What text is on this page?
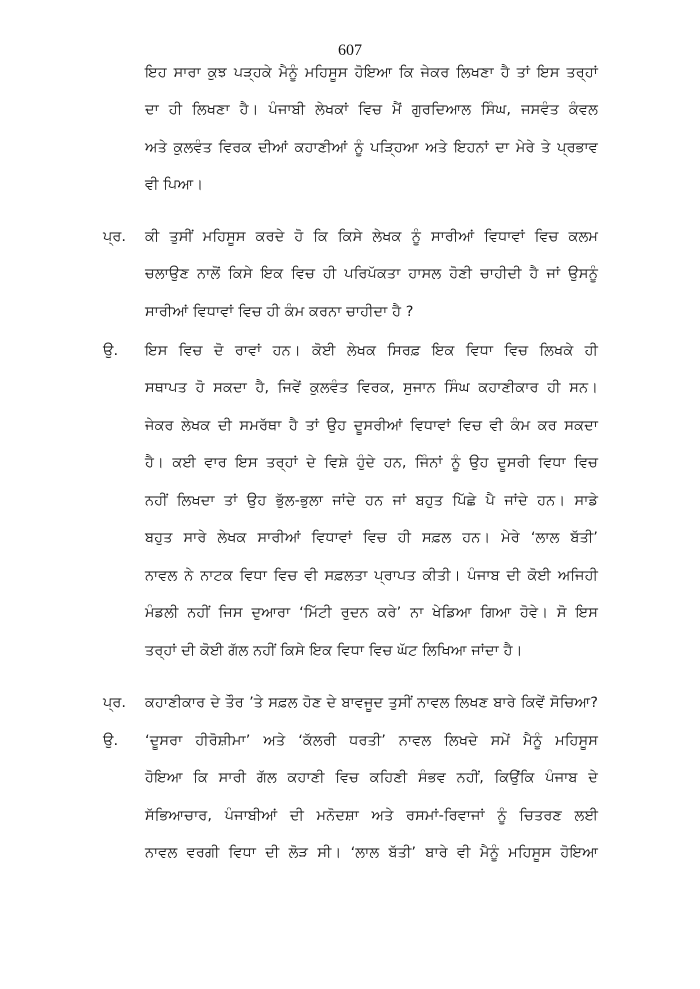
607
ਇਹ ਸਾਰਾ ਕੁਝ ਪੜ੍ਹਕੇ ਮੈਨੂੰ ਮਹਿਸੂਸ ਹੋਇਆ ਕਿ ਜੇਕਰ ਲਿਖਣਾ ਹੈ ਤਾਂ ਇਸ ਤਰ੍ਹਾਂ
ਦਾ ਹੀ ਲਿਖਣਾ ਹੈ। ਪੰਜਾਬੀ ਲੇਖਕਾਂ ਵਿਚ ਮੈਂ ਗੁਰਦਿਆਲ ਸਿੰਘ, ਜਸਵੰਤ ਕੰਵਲ
ਅਤੇ ਕੁਲਵੰਤ ਵਿਰਕ ਦੀਆਂ ਕਹਾਣੀਆਂ ਨੂੰ ਪੜ੍ਹਿਆ ਅਤੇ ਇਹਨਾਂ ਦਾ ਮੇਰੇ ਤੇ ਪ੍ਰਭਾਵ
ਵੀ ਪਿਆ।
ਪ੍ਰ. ਕੀ ਤੁਸੀਂ ਮਹਿਸੂਸ ਕਰਦੇ ਹੋ ਕਿ ਕਿਸੇ ਲੇਖਕ ਨੂੰ ਸਾਰੀਆਂ ਵਿਧਾਵਾਂ ਵਿਚ ਕਲਮ
ਚਲਾਉਣ ਨਾਲੋਂ ਕਿਸੇ ਇਕ ਵਿਚ ਹੀ ਪਰਿਪੱਕਤਾ ਹਾਸਲ ਹੋਣੀ ਚਾਹੀਦੀ ਹੈ ਜਾਂ ਉਸਨੂੰ
ਸਾਰੀਆਂ ਵਿਧਾਵਾਂ ਵਿਚ ਹੀ ਕੰਮ ਕਰਨਾ ਚਾਹੀਦਾ ਹੈ ?
ਉ. ਇਸ ਵਿਚ ਦੋ ਰਾਵਾਂ ਹਨ। ਕੋਈ ਲੇਖਕ ਸਿਰਫ਼ ਇਕ ਵਿਧਾ ਵਿਚ ਲਿਖਕੇ ਹੀ
ਸਥਾਪਤ ਹੋ ਸਕਦਾ ਹੈ, ਜਿਵੇਂ ਕੁਲਵੰਤ ਵਿਰਕ, ਸੁਜਾਨ ਸਿੰਘ ਕਹਾਣੀਕਾਰ ਹੀ ਸਨ।
ਜੇਕਰ ਲੇਖਕ ਦੀ ਸਮਰੱਥਾ ਹੈ ਤਾਂ ਉਹ ਦੂਸਰੀਆਂ ਵਿਧਾਵਾਂ ਵਿਚ ਵੀ ਕੰਮ ਕਰ ਸਕਦਾ
ਹੈ। ਕਈ ਵਾਰ ਇਸ ਤਰ੍ਹਾਂ ਦੇ ਵਿਸ਼ੇ ਹੁੰਦੇ ਹਨ, ਜਿੰਨਾਂ ਨੂੰ ਉਹ ਦੂਸਰੀ ਵਿਧਾ ਵਿਚ
ਨਹੀਂ ਲਿਖਦਾ ਤਾਂ ਉਹ ਭੁੱਲ-ਭੁਲਾ ਜਾਂਦੇ ਹਨ ਜਾਂ ਬਹੁਤ ਪਿੱਛੇ ਪੈ ਜਾਂਦੇ ਹਨ। ਸਾਡੇ
ਬਹੁਤ ਸਾਰੇ ਲੇਖਕ ਸਾਰੀਆਂ ਵਿਧਾਵਾਂ ਵਿਚ ਹੀ ਸਫ਼ਲ ਹਨ। ਮੇਰੇ ‘ਲਾਲ ਬੱਤੀ’
ਨਾਵਲ ਨੇ ਨਾਟਕ ਵਿਧਾ ਵਿਚ ਵੀ ਸਫ਼ਲਤਾ ਪ੍ਰਾਪਤ ਕੀਤੀ। ਪੰਜਾਬ ਦੀ ਕੋਈ ਅਜਿਹੀ
ਮੰਡਲੀ ਨਹੀਂ ਜਿਸ ਦੁਆਰਾ ‘ਮਿੱਟੀ ਰੁਦਨ ਕਰੇ’ ਨਾ ਖੇਡਿਆ ਗਿਆ ਹੋਵੇ। ਸੋ ਇਸ
ਤਰ੍ਹਾਂ ਦੀ ਕੋਈ ਗੱਲ ਨਹੀਂ ਕਿਸੇ ਇਕ ਵਿਧਾ ਵਿਚ ਘੱਟ ਲਿਖਿਆ ਜਾਂਦਾ ਹੈ।
ਪ੍ਰ. ਕਹਾਣੀਕਾਰ ਦੇ ਤੌਰ ’ਤੇ ਸਫ਼ਲ ਹੋਣ ਦੇ ਬਾਵਜੂਦ ਤੁਸੀਂ ਨਾਵਲ ਲਿਖਣ ਬਾਰੇ ਕਿਵੇਂ ਸੋਚਿਆ?
ਉ. ‘ਦੂਸਰਾ ਹੀਰੋਸ਼ੀਮਾ’ ਅਤੇ ‘ਕੱਲਰੀ ਧਰਤੀ’ ਨਾਵਲ ਲਿਖਦੇ ਸਮੇਂ ਮੈਨੂੰ ਮਹਿਸੂਸ
ਹੋਇਆ ਕਿ ਸਾਰੀ ਗੱਲ ਕਹਾਣੀ ਵਿਚ ਕਹਿਣੀ ਸੰਭਵ ਨਹੀਂ, ਕਿਉਂਕਿ ਪੰਜਾਬ ਦੇ
ਸੱਭਿਆਚਾਰ, ਪੰਜਾਬੀਆਂ ਦੀ ਮਨੋਦਸ਼ਾ ਅਤੇ ਰਸਮਾਂ-ਰਿਵਾਜਾਂ ਨੂੰ ਚਿਤਰਣ ਲਈ
ਨਾਵਲ ਵਰਗੀ ਵਿਧਾ ਦੀ ਲੋੜ ਸੀ। ‘ਲਾਲ ਬੱਤੀ’ ਬਾਰੇ ਵੀ ਮੈਨੂੰ ਮਹਿਸੂਸ ਹੋਇਆ
